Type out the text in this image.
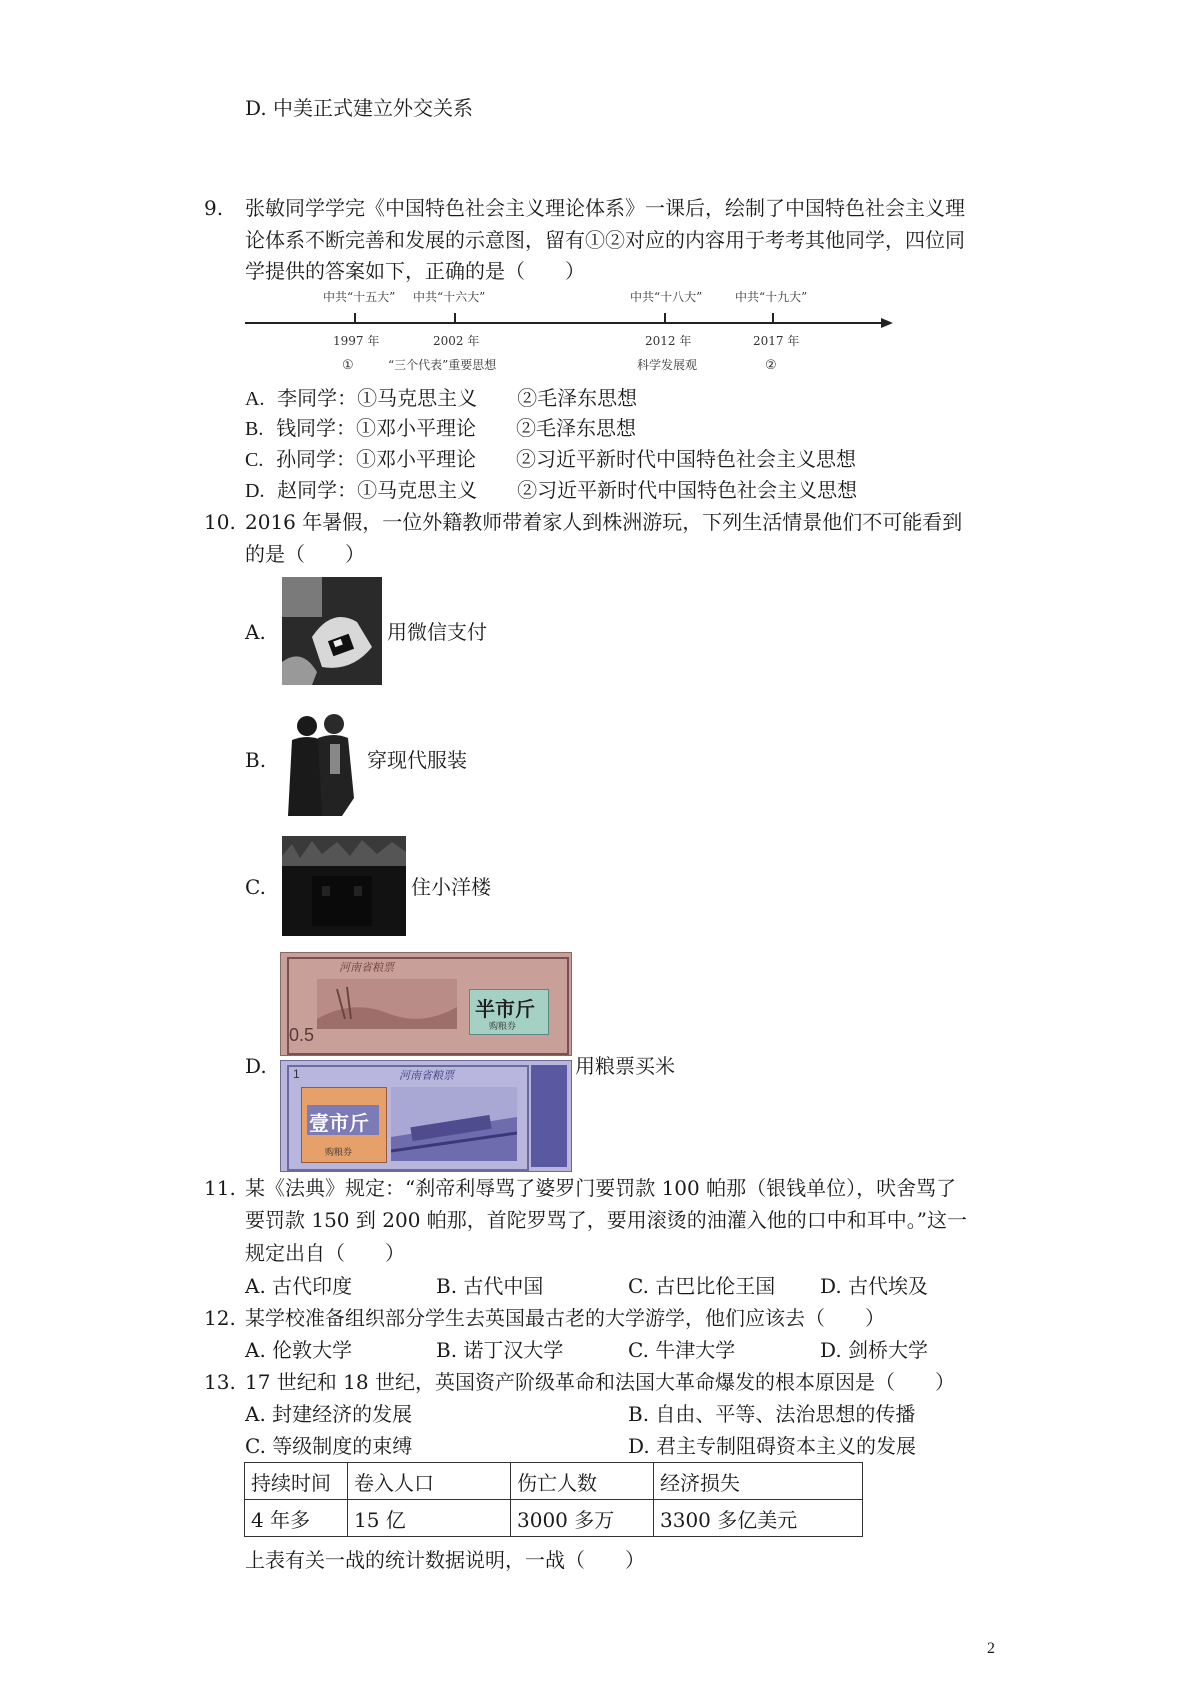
D. 中美正式建立外交关系
9. 张敏同学学完《中国特色社会主义理论体系》一课后，绘制了中国特色社会主义理
论体系不断完善和发展的示意图，留有①②对应的内容用于考考其他同学，四位同
学提供的答案如下，正确的是（　　）
中共“十五大” 中共“十六大”	中共“十八大”	中共“十九大”
1997 年	2002 年	2012 年	2017 年
①	“三个代表”重要思想	科学发展观	②
A. 李同学：①马克思主义　　②毛泽东思想
B. 钱同学：①邓小平理论　　②毛泽东思想
C. 孙同学：①邓小平理论　　②习近平新时代中国特色社会主义思想
D. 赵同学：①马克思主义　　②习近平新时代中国特色社会主义思想
10. 2016 年暑假，一位外籍教师带着家人到株洲游玩，下列生活情景他们不可能看到
的是（　　）
A.	用微信支付
B.	穿现代服装
C.	住小洋楼
D.
河南省粮票
半市斤
购粮券
0.5
河南省粮票
1
壹市斤
购粮券
用粮票买米
11. 某《法典》规定：“刹帝利辱骂了婆罗门要罚款 100 帕那（银钱单位），吠舍骂了
要罚款 150 到 200 帕那，首陀罗骂了，要用滚烫的油灌入他的口中和耳中。”这一
规定出自（　　）
A. 古代印度	B. 古代中国	C. 古巴比伦王国 D. 古代埃及
12. 某学校准备组织部分学生去英国最古老的大学游学，他们应该去（　　）
A. 伦敦大学	B. 诺丁汉大学	C. 牛津大学	D. 剑桥大学
13. 17 世纪和 18 世纪，英国资产阶级革命和法国大革命爆发的根本原因是（　　）
A. 封建经济的发展	B. 自由、平等、法治思想的传播
C. 等级制度的束缚	D. 君主专制阻碍资本主义的发展
持续时间	卷入人口	伤亡人数	经济损失
4 年多	15 亿	3000 多万	3300 多亿美元
上表有关一战的统计数据说明，一战（　　）
2
